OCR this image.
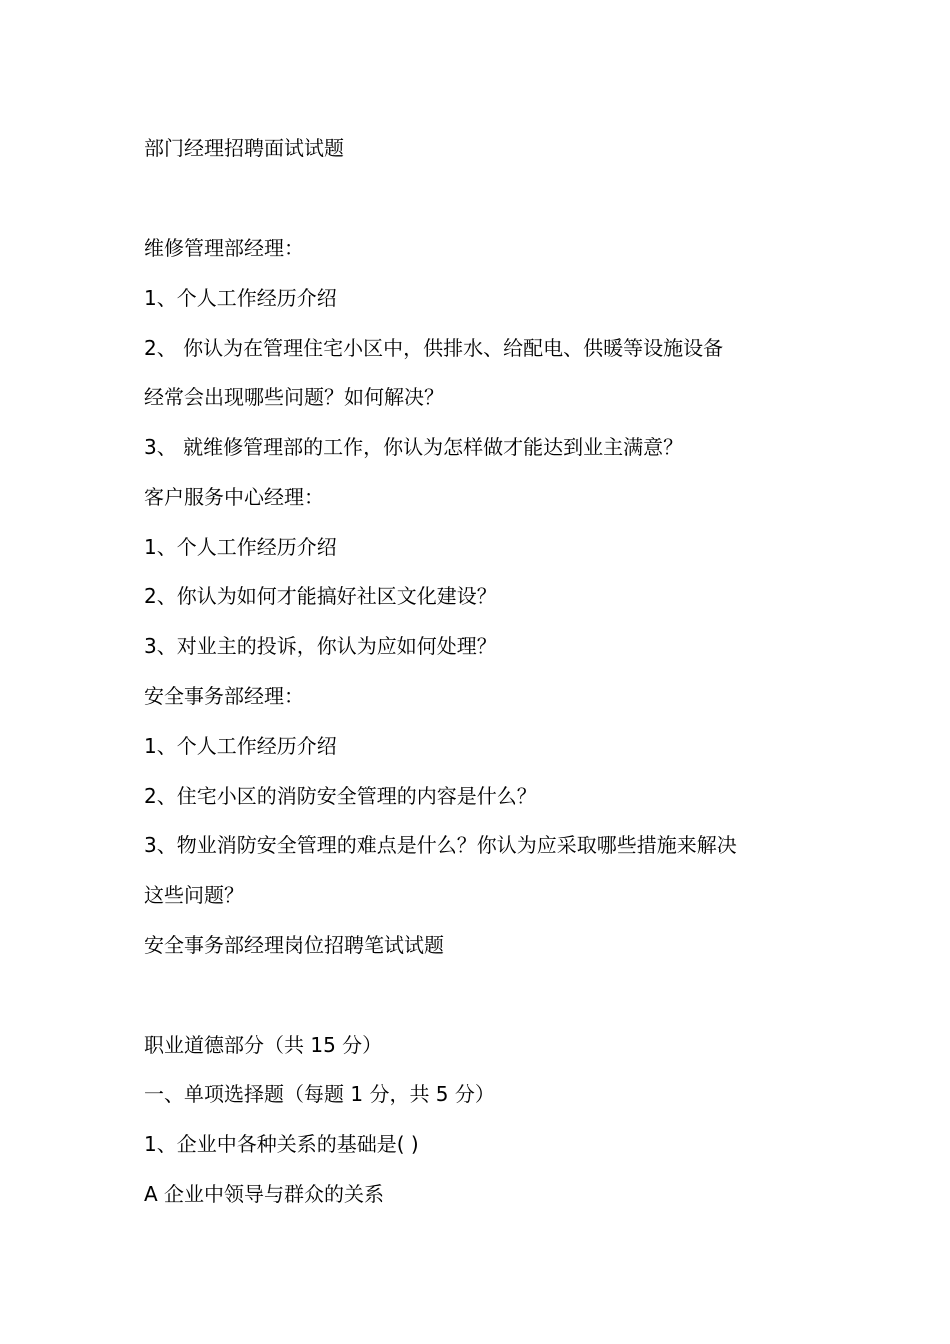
部门经理招聘面试试题

维修管理部经理：

1、个人工作经历介绍

2、 你认为在管理住宅小区中，供排水、给配电、供暖等设施设备

经常会出现哪些问题？如何解决？

3、 就维修管理部的工作，你认为怎样做才能达到业主满意？

客户服务中心经理：

1、个人工作经历介绍

2、你认为如何才能搞好社区文化建设？

3、对业主的投诉，你认为应如何处理？

安全事务部经理：

1、个人工作经历介绍

2、住宅小区的消防安全管理的内容是什么？

3、物业消防安全管理的难点是什么？你认为应采取哪些措施来解决

这些问题？

安全事务部经理岗位招聘笔试试题

职业道德部分（共 15 分）

一、单项选择题（每题 1 分，共 5 分）

1、企业中各种关系的基础是( )

A 企业中领导与群众的关系
